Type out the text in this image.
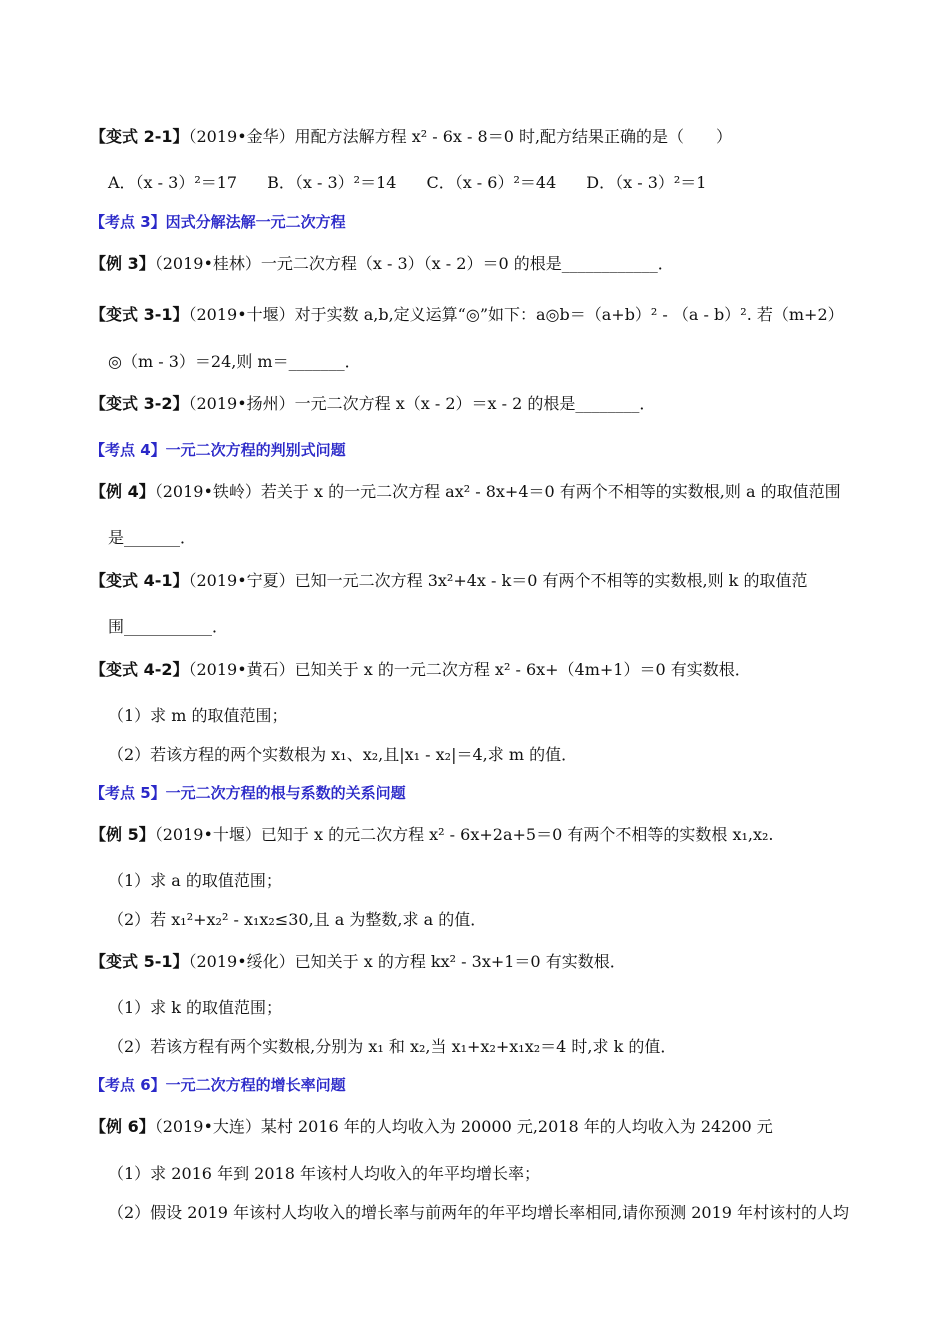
【变式 2-1】（2019•金华）用配方法解方程 x² - 6x - 8＝0 时,配方结果正确的是（　　）
A．（x - 3）²＝17 B．（x - 3）²＝14 C．（x - 6）²＝44 D．（x - 3）²＝1
【考点 3】因式分解法解一元二次方程
【例 3】（2019•桂林）一元二次方程（x - 3）（x - 2）＝0 的根是____________．
【变式 3-1】（2019•十堰）对于实数 a,b,定义运算“◎”如下：a◎b＝（a+b）² - （a - b）². 若（m+2）
◎（m - 3）＝24,则 m＝_______．
【变式 3-2】（2019•扬州）一元二次方程 x（x - 2）＝x - 2 的根是________．
【考点 4】一元二次方程的判别式问题
【例 4】（2019•铁岭）若关于 x 的一元二次方程 ax² - 8x+4＝0 有两个不相等的实数根,则 a 的取值范围
是_______．
【变式 4-1】（2019•宁夏）已知一元二次方程 3x²+4x - k＝0 有两个不相等的实数根,则 k 的取值范
围___________．
【变式 4-2】（2019•黄石）已知关于 x 的一元二次方程 x² - 6x+（4m+1）＝0 有实数根．
（1）求 m 的取值范围；
（2）若该方程的两个实数根为 x₁、x₂,且|x₁ - x₂|＝4,求 m 的值．
【考点 5】一元二次方程的根与系数的关系问题
【例 5】（2019•十堰）已知于 x 的元二次方程 x² - 6x+2a+5＝0 有两个不相等的实数根 x₁,x₂.
（1）求 a 的取值范围；
（2）若 x₁²+x₂² - x₁x₂≤30,且 a 为整数,求 a 的值．
【变式 5-1】（2019•绥化）已知关于 x 的方程 kx² - 3x+1＝0 有实数根．
（1）求 k 的取值范围；
（2）若该方程有两个实数根,分别为 x₁ 和 x₂,当 x₁+x₂+x₁x₂＝4 时,求 k 的值．
【考点 6】一元二次方程的增长率问题
【例 6】（2019•大连）某村 2016 年的人均收入为 20000 元,2018 年的人均收入为 24200 元
（1）求 2016 年到 2018 年该村人均收入的年平均增长率；
（2）假设 2019 年该村人均收入的增长率与前两年的年平均增长率相同,请你预测 2019 年村该村的人均
